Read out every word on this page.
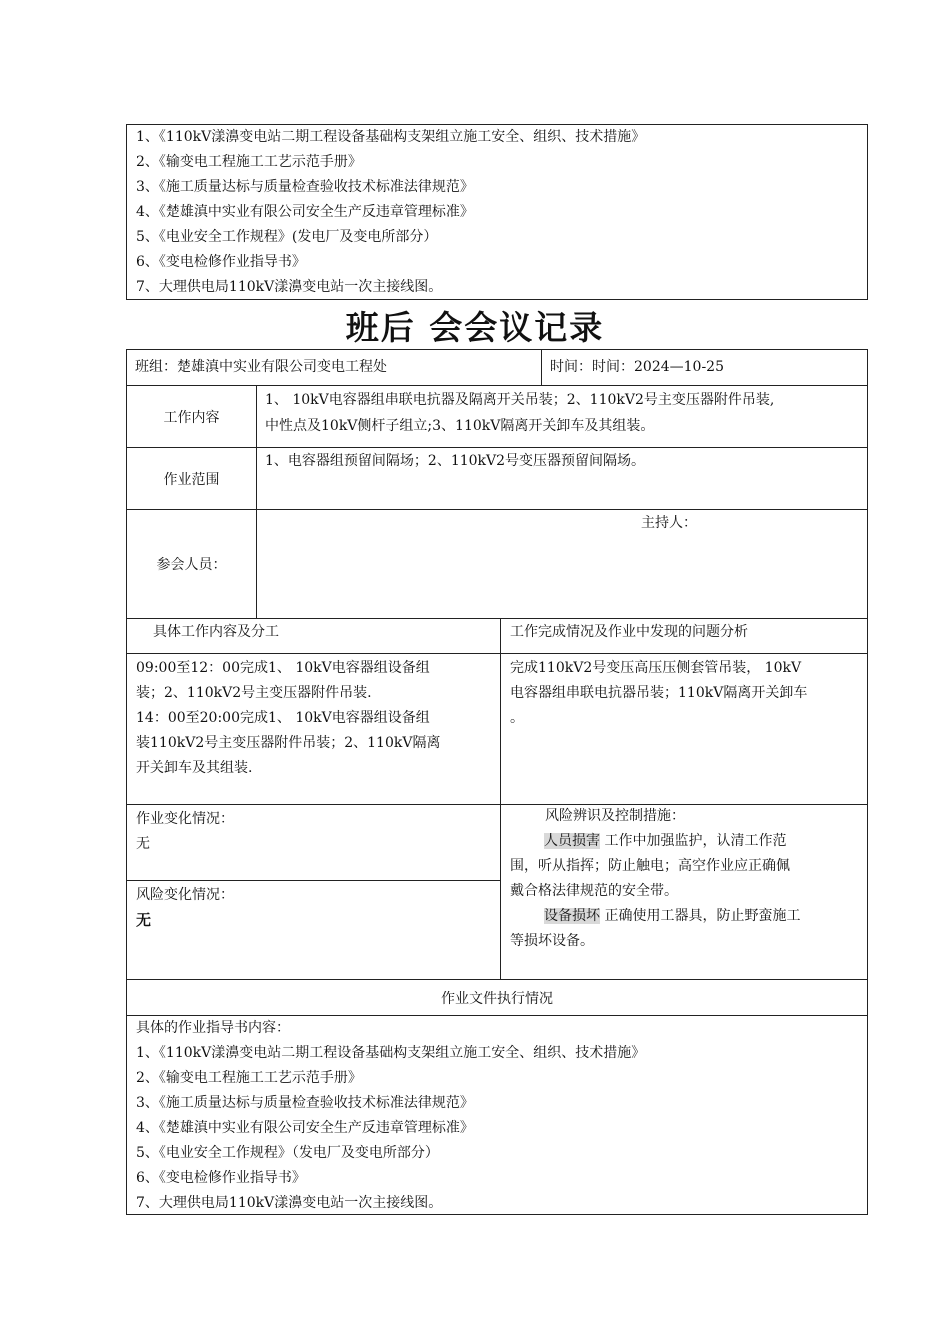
1、《110kV漾濞变电站二期工程设备基础构支架组立施工安全、组织、技术措施》
2、《输变电工程施工工艺示范手册》
3、《施工质量达标与质量检查验收技术标准法律规范》
4、《楚雄滇中实业有限公司安全生产反违章管理标准》
5、《电业安全工作规程》(发电厂及变电所部分）
6、《变电检修作业指导书》
7、大理供电局110kV漾濞变电站一次主接线图。
班后 会会议记录
班组：楚雄滇中实业有限公司变电工程处	时间：时间：2024—10-25
工作内容
1、 10kV电容器组串联电抗器及隔离开关吊装；2、110kV2号主变压器附件吊装,
中性点及10kV侧杆子组立;3、110kV隔离开关卸车及其组装。
作业范围
1、电容器组预留间隔场；2、110kV2号变压器预留间隔场。
参会人员：
主持人：
具体工作内容及分工	工作完成情况及作业中发现的问题分析
09:00至12：00完成1、 10kV电容器组设备组
装；2、110kV2号主变压器附件吊装.
14：00至20:00完成1、 10kV电容器组设备组
装110kV2号主变压器附件吊装；2、110kV隔离
开关卸车及其组装.
完成110kV2号变压高压压侧套管吊装， 10kV
电容器组串联电抗器吊装；110kV隔离开关卸车
。
作业变化情况：
无
风险变化情况：
无
风险辨识及控制措施：
人员损害 工作中加强监护，认清工作范
围，听从指挥；防止触电；高空作业应正确佩
戴合格法律规范的安全带。
设备损坏 正确使用工器具，防止野蛮施工
等损坏设备。
作业文件执行情况
具体的作业指导书内容：
1、《110kV漾濞变电站二期工程设备基础构支架组立施工安全、组织、技术措施》
2、《输变电工程施工工艺示范手册》
3、《施工质量达标与质量检查验收技术标准法律规范》
4、《楚雄滇中实业有限公司安全生产反违章管理标准》
5、《电业安全工作规程》（发电厂及变电所部分）
6、《变电检修作业指导书》
7、大理供电局110kV漾濞变电站一次主接线图。
